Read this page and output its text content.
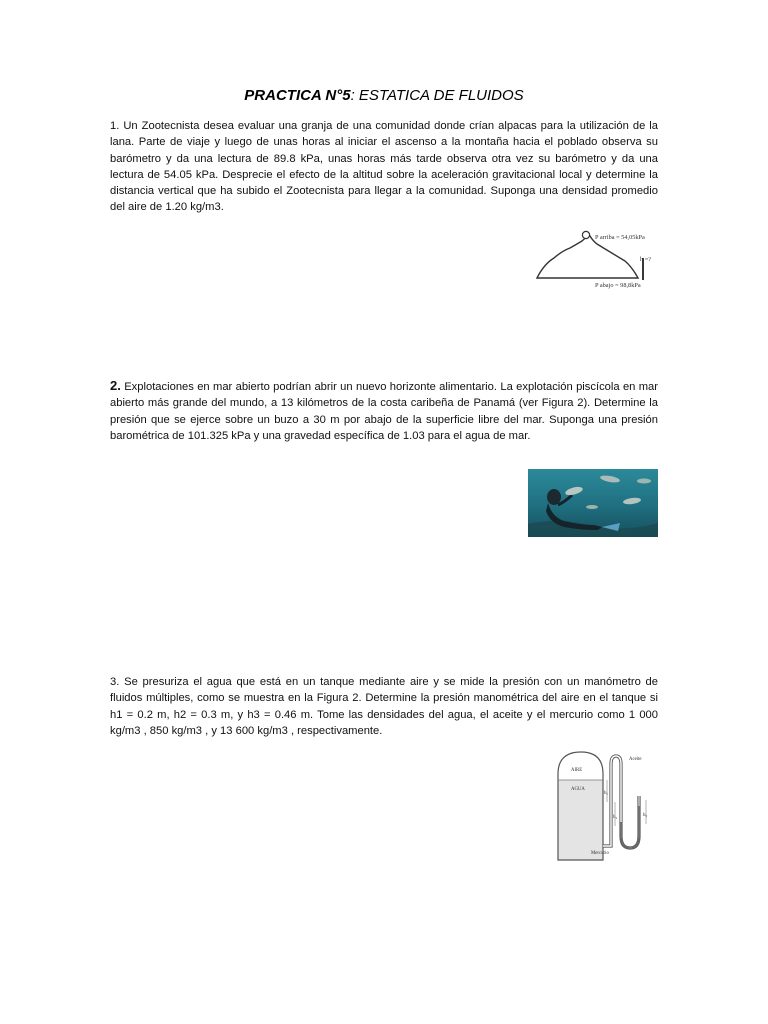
PRACTICA N°5: ESTATICA DE FLUIDOS

1. Un Zootecnista desea evaluar una granja de una comunidad donde crían alpacas para la utilización de la lana. Parte de viaje y luego de unas horas al iniciar el ascenso a la montaña hacia el poblado observa su barómetro y da una lectura de 89.8 kPa, unas horas más tarde observa otra vez su barómetro y da una lectura de 54.05 kPa. Desprecie el efecto de la altitud sobre la aceleración gravitacional local y determine la distancia vertical que ha subido el Zootecnista para llegar a la comunidad. Suponga una densidad promedio del aire de 1.20 kg/m3.

P arriba = 54,05kPa
h =?
P abajo = 98,8kPa

2. Explotaciones en mar abierto podrían abrir un nuevo horizonte alimentario. La explotación piscícola en mar abierto más grande del mundo, a 13 kilómetros de la costa caribeña de Panamá (ver Figura 2). Determine la presión que se ejerce sobre un buzo a 30 m por abajo de la superficie libre del mar. Suponga una presión barométrica de 101.325 kPa y una gravedad específica de 1.03 para el agua de mar.

3. Se presuriza el agua que está en un tanque mediante aire y se mide la presión con un manómetro de fluidos múltiples, como se muestra en la Figura 2. Determine la presión manométrica del aire en el tanque si h1 = 0.2 m, h2 = 0.3 m, y h3 = 0.46 m. Tome las densidades del agua, el aceite y el mercurio como 1 000 kg/m3 , 850 kg/m3 , y 13 600 kg/m3 , respectivamente.

AIRE
AGUA
Aceite
Mercurio
h₁
h₂	h₃
